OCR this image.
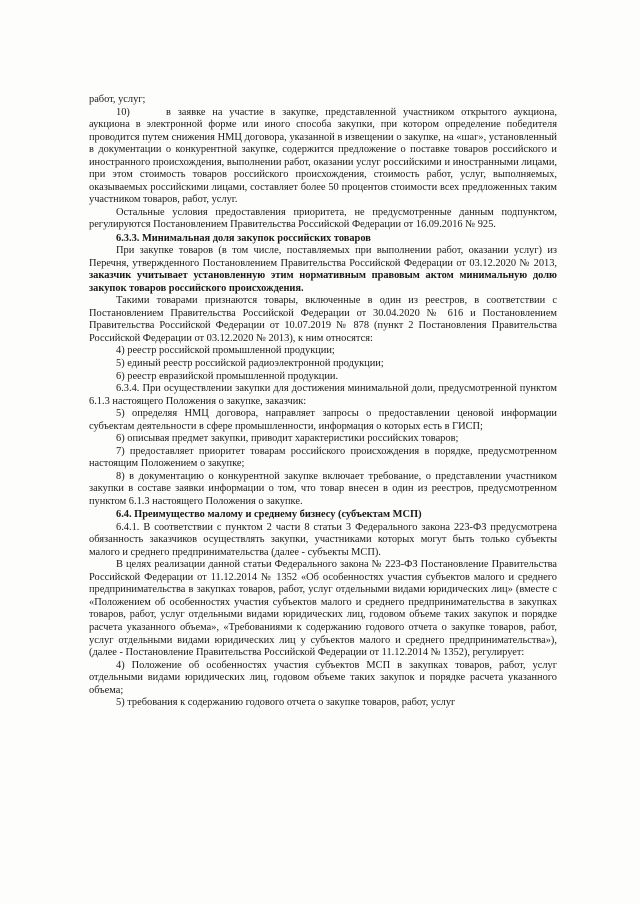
работ, услуг;

10)	в заявке на участие в закупке, представленной участником открытого аукциона, аукциона в электронной форме или иного способа закупки, при котором определение победителя проводится путем снижения НМЦ договора, указанной в извещении о закупке, на «шаг», установленный в документации о конкурентной закупке, содержится предложение о поставке товаров российского и иностранного происхождения, выполнении работ, оказании услуг российскими и иностранными лицами, при этом стоимость товаров российского происхождения, стоимость работ, услуг, выполняемых, оказываемых российскими лицами, составляет более 50 процентов стоимости всех предложенных таким участником товаров, работ, услуг.

Остальные условия предоставления приоритета, не предусмотренные данным подпунктом, регулируются Постановлением Правительства Российской Федерации от 16.09.2016 № 925.

6.3.3. Минимальная доля закупок российских товаров

При закупке товаров (в том числе, поставляемых при выполнении работ, оказании услуг) из Перечня, утвержденного Постановлением Правительства Российской Федерации от 03.12.2020 № 2013, заказчик учитывает установленную этим нормативным правовым актом минимальную долю закупок товаров российского происхождения.

Такими товарами признаются товары, включенные в один из реестров, в соответствии с Постановлением Правительства Российской Федерации от 30.04.2020 № 616 и Постановлением Правительства Российской Федерации от 10.07.2019 № 878 (пункт 2 Постановления Правительства Российской Федерации от 03.12.2020 № 2013), к ним относятся:

4) реестр российской промышленной продукции;

5) единый реестр российской радиоэлектронной продукции;

6) реестр евразийской промышленной продукции.

6.3.4. При осуществлении закупки для достижения минимальной доли, предусмотренной пунктом 6.1.3 настоящего Положения о закупке, заказчик:

5) определяя НМЦ договора, направляет запросы о предоставлении ценовой информации субъектам деятельности в сфере промышленности, информация о которых есть в ГИСП;

6) описывая предмет закупки, приводит характеристики российских товаров;

7) предоставляет приоритет товарам российского происхождения в порядке, предусмотренном настоящим Положением о закупке;

8) в документацию о конкурентной закупке включает требование, о представлении участником закупки в составе заявки информации о том, что товар внесен в один из реестров, предусмотренном пунктом 6.1.3 настоящего Положения о закупке.

6.4. Преимущество малому и среднему бизнесу (субъектам МСП)

6.4.1. В соответствии с пунктом 2 части 8 статьи 3 Федерального закона 223-ФЗ предусмотрена обязанность заказчиков осуществлять закупки, участниками которых могут быть только субъекты малого и среднего предпринимательства (далее - субъекты МСП).

В целях реализации данной статьи Федерального закона № 223-ФЗ Постановление Правительства Российской Федерации от 11.12.2014 № 1352 «Об особенностях участия субъектов малого и среднего предпринимательства в закупках товаров, работ, услуг отдельными видами юридических лиц» (вместе с «Положением об особенностях участия субъектов малого и среднего предпринимательства в закупках товаров, работ, услуг отдельными видами юридических лиц, годовом объеме таких закупок и порядке расчета указанного объема», «Требованиями к содержанию годового отчета о закупке товаров, работ, услуг отдельными видами юридических лиц у субъектов малого и среднего предпринимательства»), (далее - Постановление Правительства Российской Федерации от 11.12.2014 № 1352), регулирует:

4) Положение об особенностях участия субъектов МСП в закупках товаров, работ, услуг отдельными видами юридических лиц, годовом объеме таких закупок и порядке расчета указанного объема;

5) требования к содержанию годового отчета о закупке товаров, работ, услуг
